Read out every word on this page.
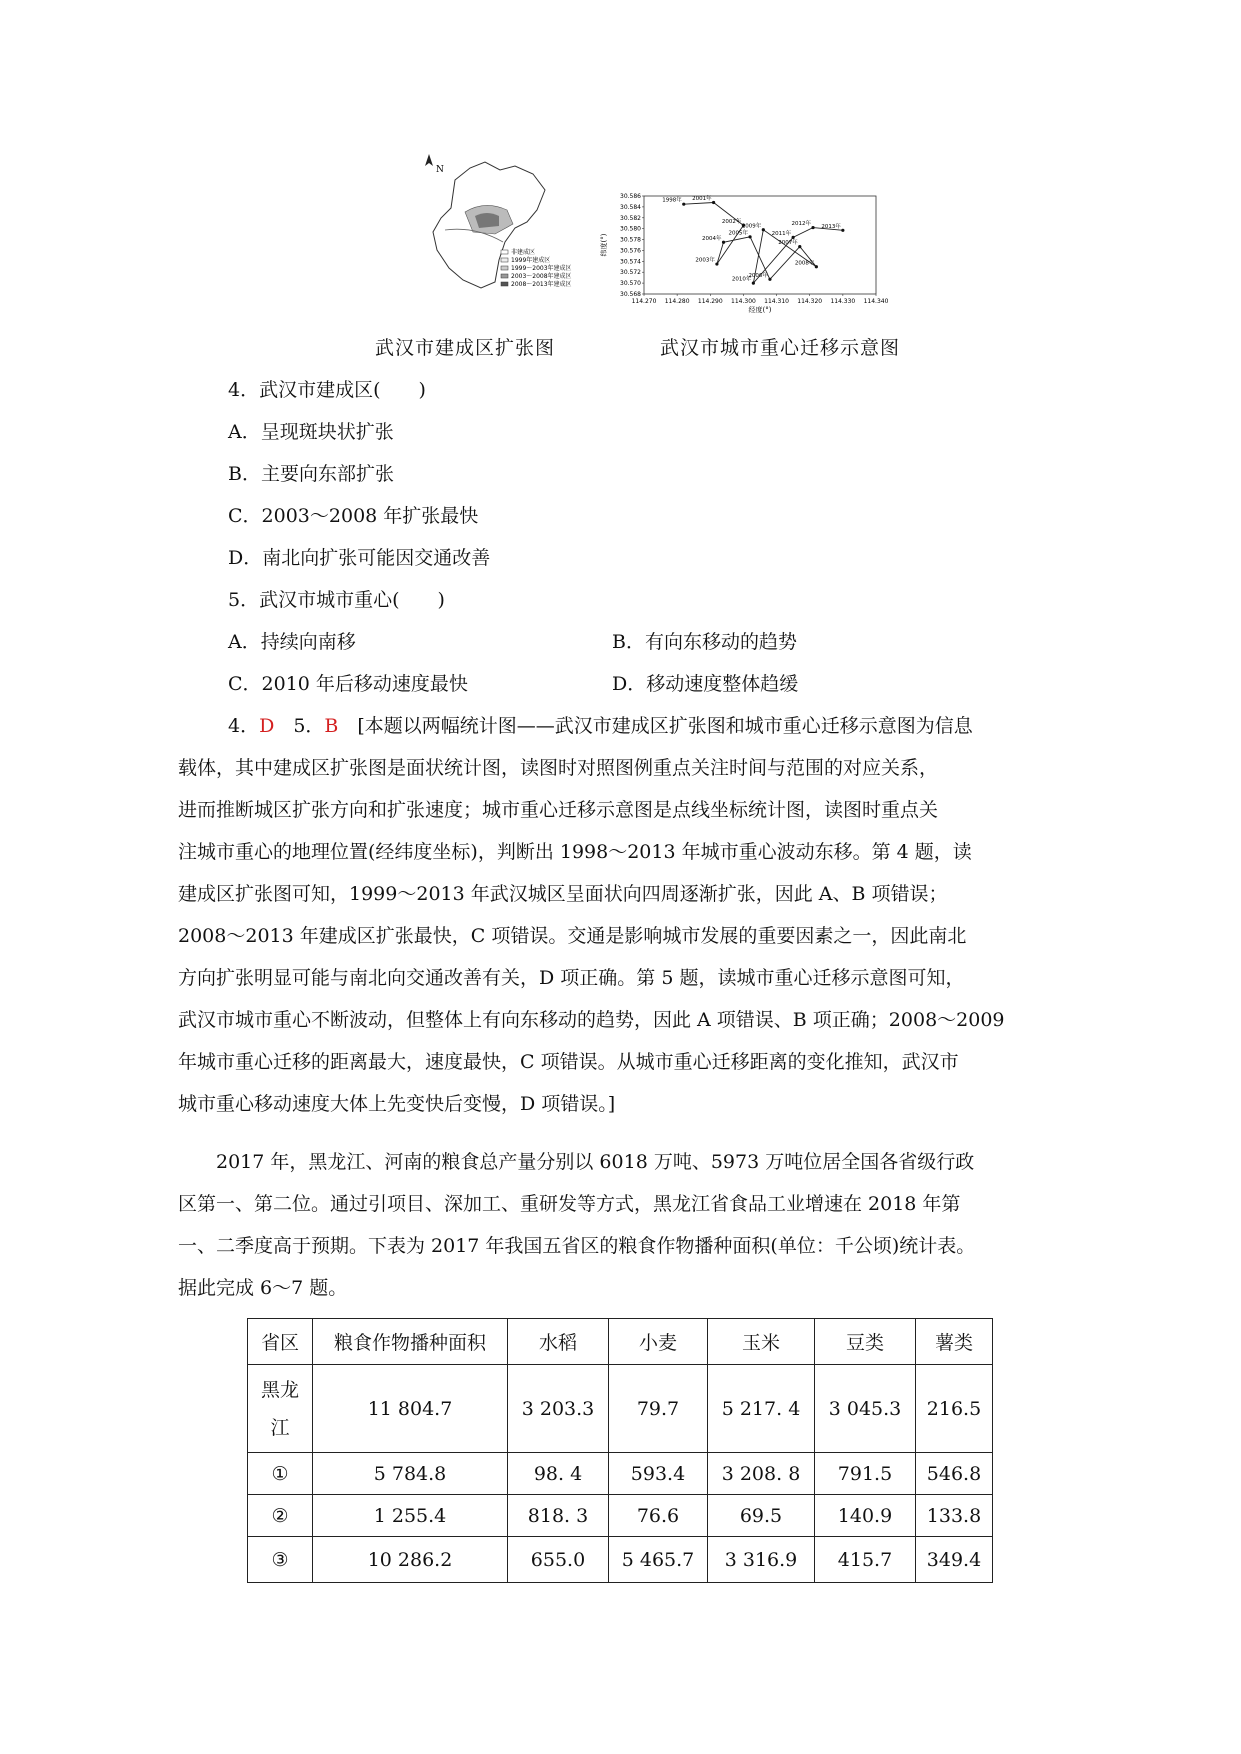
N
非建成区
1999年建成区
1999〜2003年建成区
2003〜2008年建成区
2008〜2013年建成区
114.270 114.280 114.290 114.300 114.310 114.320 114.330 114.340
30.586
30.584
30.582
30.580
30.578
30.576
30.574
30.572
30.570
30.568
经度(°)
纬度(°)
1998年 2001年
2002年
2003年
2004年
2005年
2006年
2007年
2008年
2009年
2010年
2011年
2012年 2013年
武汉市建成区扩张图	武汉市城市重心迁移示意图
4．武汉市建成区(　　)
A．呈现斑块状扩张
B．主要向东部扩张
C．2003～2008 年扩张最快
D．南北向扩张可能因交通改善
5．武汉市城市重心(　　)
A．持续向南移	B．有向东移动的趋势
C．2010 年后移动速度最快	D．移动速度整体趋缓
4．D　5．B　[本题以两幅统计图——武汉市建成区扩张图和城市重心迁移示意图为信息
载体，其中建成区扩张图是面状统计图，读图时对照图例重点关注时间与范围的对应关系，
进而推断城区扩张方向和扩张速度；城市重心迁移示意图是点线坐标统计图，读图时重点关
注城市重心的地理位置(经纬度坐标)，判断出 1998～2013 年城市重心波动东移。第 4 题，读
建成区扩张图可知，1999～2013 年武汉城区呈面状向四周逐渐扩张，因此 A、B 项错误；
2008～2013 年建成区扩张最快，C 项错误。交通是影响城市发展的重要因素之一，因此南北
方向扩张明显可能与南北向交通改善有关，D 项正确。第 5 题，读城市重心迁移示意图可知，
武汉市城市重心不断波动，但整体上有向东移动的趋势，因此 A 项错误、B 项正确；2008～2009
年城市重心迁移的距离最大，速度最快，C 项错误。从城市重心迁移距离的变化推知，武汉市
城市重心移动速度大体上先变快后变慢，D 项错误。]
　　2017 年，黑龙江、河南的粮食总产量分别以 6018 万吨、5973 万吨位居全国各省级行政
区第一、第二位。通过引项目、深加工、重研发等方式，黑龙江省食品工业增速在 2018 年第
一、二季度高于预期。下表为 2017 年我国五省区的粮食作物播种面积(单位：千公顷)统计表。
据此完成 6～7 题。
省区	粮食作物播种面积	水稻	小麦	玉米	豆类	薯类
黑龙
江	11 804.7	3 203.3	79.7	5 217. 4	3 045.3	216.5
①	5 784.8	98. 4	593.4	3 208. 8	791.5	546.8
②	1 255.4	818. 3	76.6	69.5	140.9	133.8
③	10 286.2	655.0	5 465.7	3 316.9	415.7	349.4
